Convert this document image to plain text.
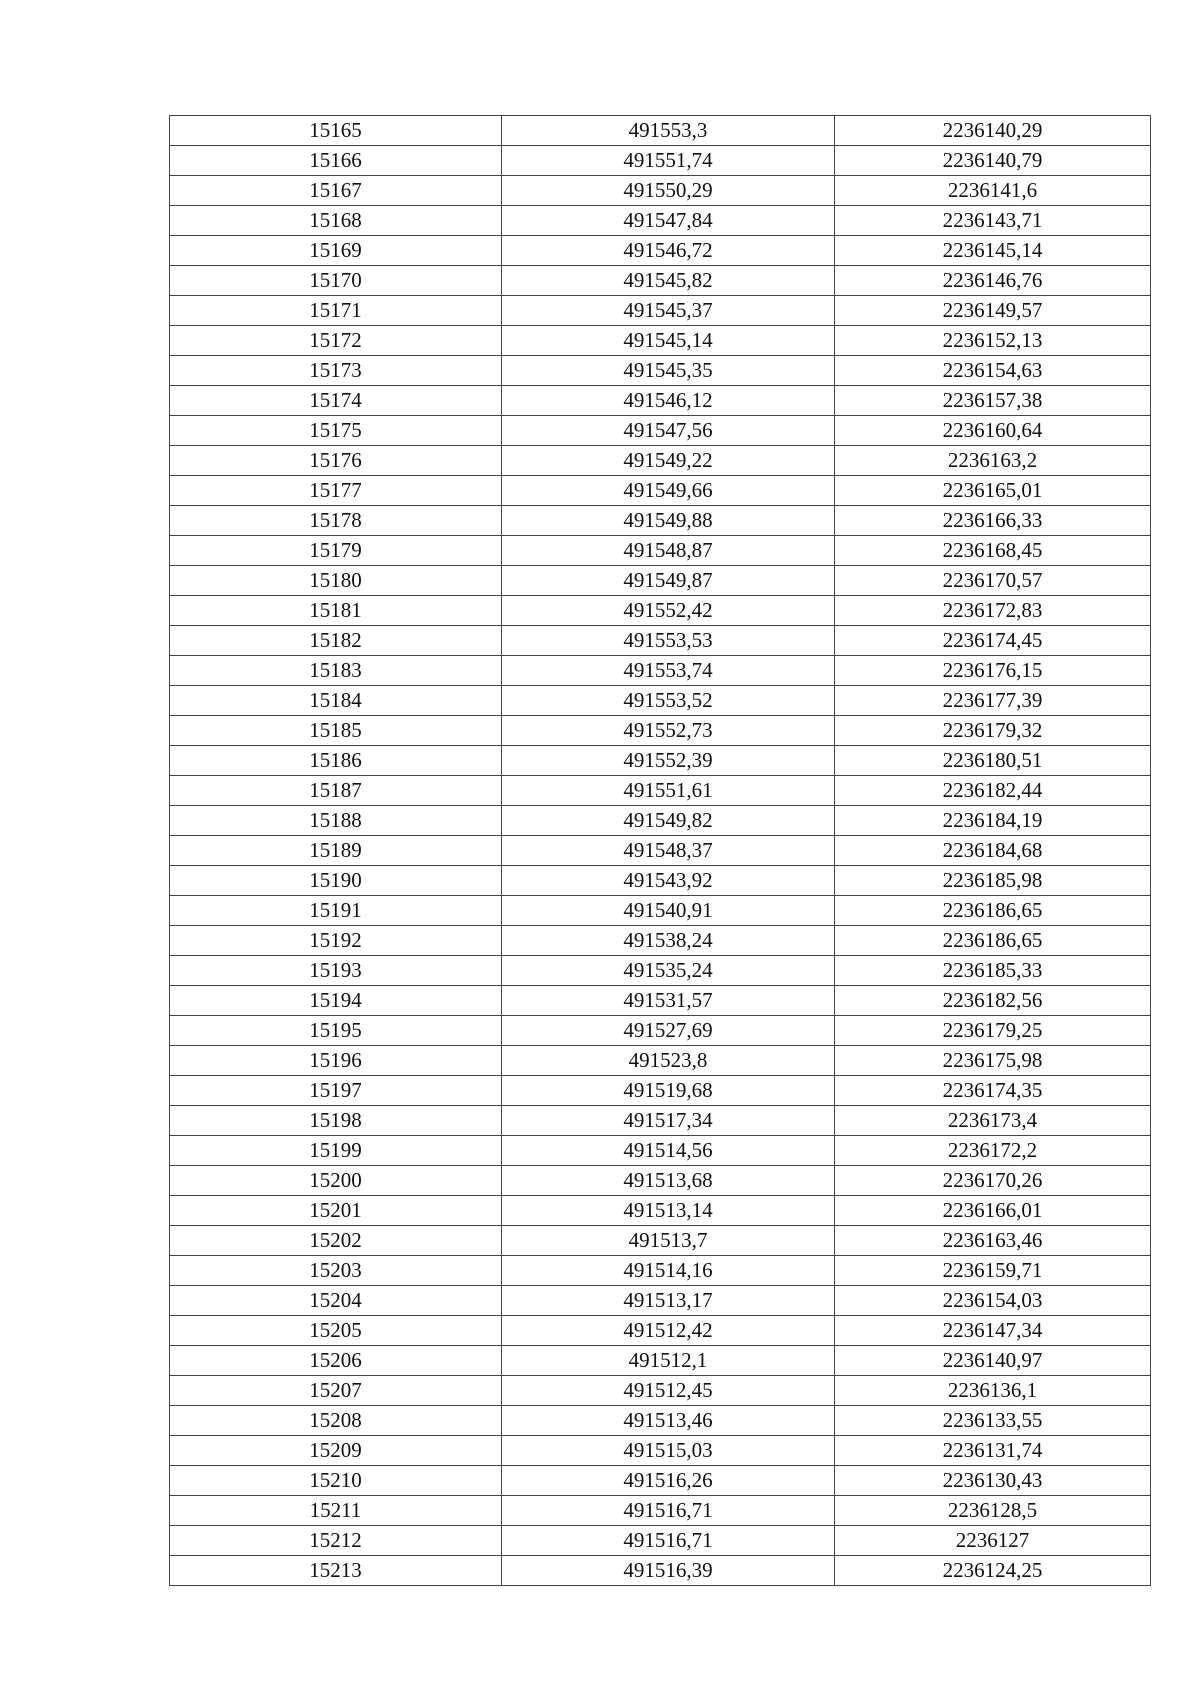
15165	491553,3	2236140,29
15166	491551,74	2236140,79
15167	491550,29	2236141,6
15168	491547,84	2236143,71
15169	491546,72	2236145,14
15170	491545,82	2236146,76
15171	491545,37	2236149,57
15172	491545,14	2236152,13
15173	491545,35	2236154,63
15174	491546,12	2236157,38
15175	491547,56	2236160,64
15176	491549,22	2236163,2
15177	491549,66	2236165,01
15178	491549,88	2236166,33
15179	491548,87	2236168,45
15180	491549,87	2236170,57
15181	491552,42	2236172,83
15182	491553,53	2236174,45
15183	491553,74	2236176,15
15184	491553,52	2236177,39
15185	491552,73	2236179,32
15186	491552,39	2236180,51
15187	491551,61	2236182,44
15188	491549,82	2236184,19
15189	491548,37	2236184,68
15190	491543,92	2236185,98
15191	491540,91	2236186,65
15192	491538,24	2236186,65
15193	491535,24	2236185,33
15194	491531,57	2236182,56
15195	491527,69	2236179,25
15196	491523,8	2236175,98
15197	491519,68	2236174,35
15198	491517,34	2236173,4
15199	491514,56	2236172,2
15200	491513,68	2236170,26
15201	491513,14	2236166,01
15202	491513,7	2236163,46
15203	491514,16	2236159,71
15204	491513,17	2236154,03
15205	491512,42	2236147,34
15206	491512,1	2236140,97
15207	491512,45	2236136,1
15208	491513,46	2236133,55
15209	491515,03	2236131,74
15210	491516,26	2236130,43
15211	491516,71	2236128,5
15212	491516,71	2236127
15213	491516,39	2236124,25
